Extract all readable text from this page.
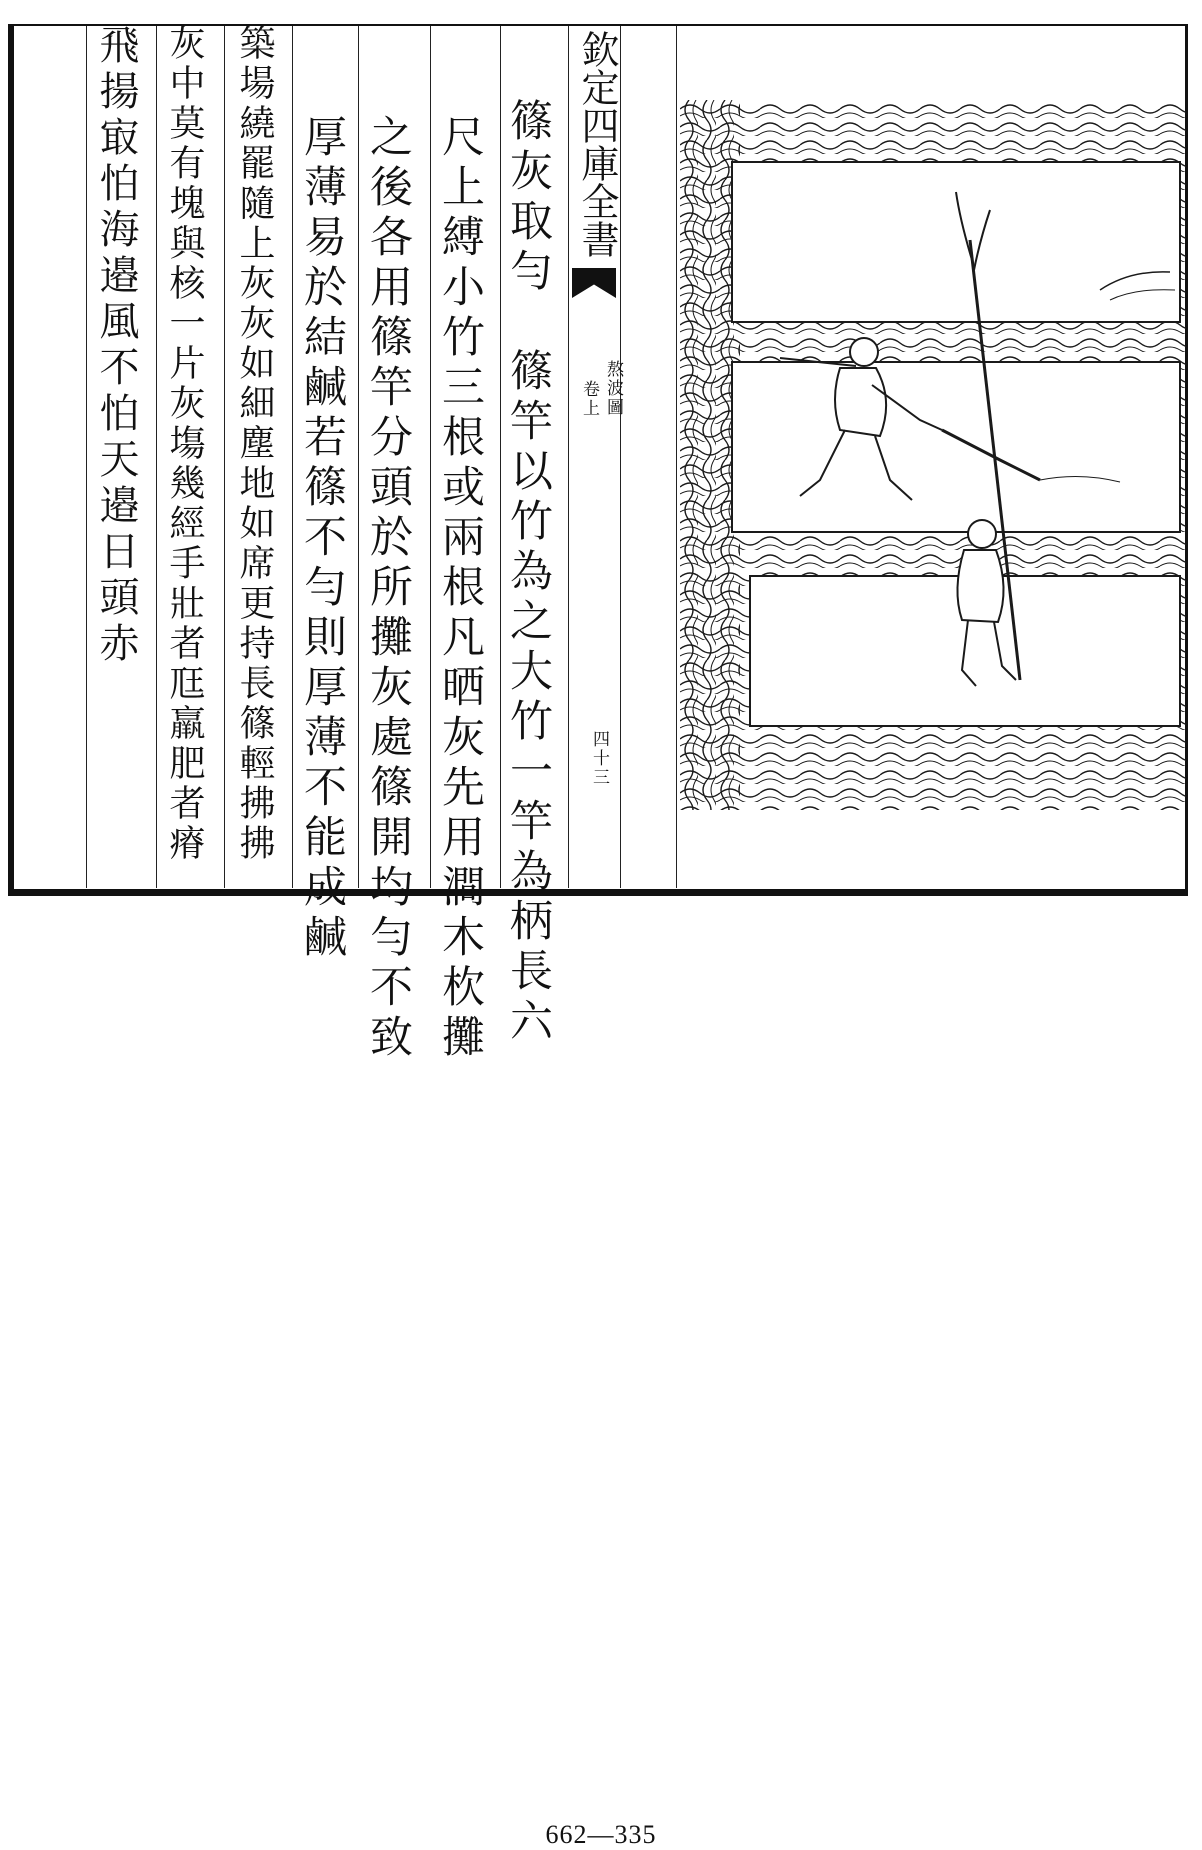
篠灰取勻　篠竿以竹為之大竹一竿為柄長六
尺上縛小竹三根或兩根凡晒灰先用澗木杴攤
之後各用篠竿分頭於所攤灰處篠開均勻不致
厚薄易於結鹹若篠不勻則厚薄不能成鹹
築場繞罷隨上灰灰如細塵地如席更持長篠輕拂拂
灰中莫有塊與核一片灰塲幾經手壯者尫羸肥者瘠
飛揚㝡怕海邉風不怕天邉日頭赤	欽定四庫全書
熬波圖
卷上
四十三
662—335
